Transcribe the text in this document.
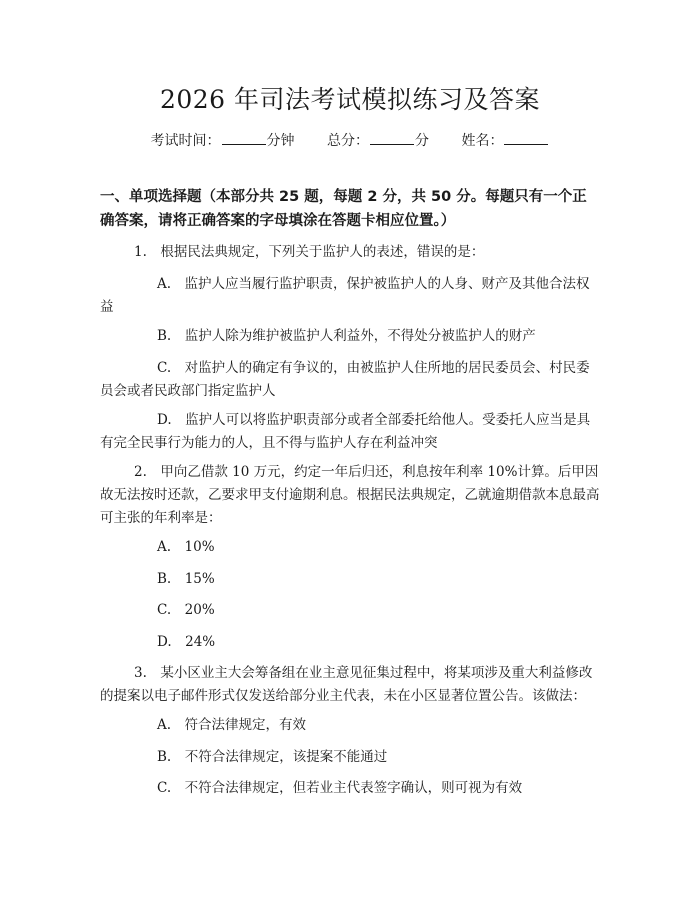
2026 年司法考试模拟练习及答案
考试时间：	分钟 总分：	分 姓名：
一、单项选择题（本部分共 25 题，每题 2 分，共 50 分。每题只有一个正确答案，请将正确答案的字母填涂在答题卡相应位置。）
1.　根据民法典规定，下列关于监护人的表述，错误的是：
A.　监护人应当履行监护职责，保护被监护人的人身、财产及其他合法权益
B.　监护人除为维护被监护人利益外，不得处分被监护人的财产
C.　对监护人的确定有争议的，由被监护人住所地的居民委员会、村民委员会或者民政部门指定监护人
D.　监护人可以将监护职责部分或者全部委托给他人。受委托人应当是具有完全民事行为能力的人，且不得与监护人存在利益冲突
2.　甲向乙借款 10 万元，约定一年后归还，利息按年利率 10%计算。后甲因故无法按时还款，乙要求甲支付逾期利息。根据民法典规定，乙就逾期借款本息最高可主张的年利率是：
A.　10%
B.　15%
C.　20%
D.　24%
3.　某小区业主大会筹备组在业主意见征集过程中，将某项涉及重大利益修改的提案以电子邮件形式仅发送给部分业主代表，未在小区显著位置公告。该做法：
A.　符合法律规定，有效
B.　不符合法律规定，该提案不能通过
C.　不符合法律规定，但若业主代表签字确认，则可视为有效
